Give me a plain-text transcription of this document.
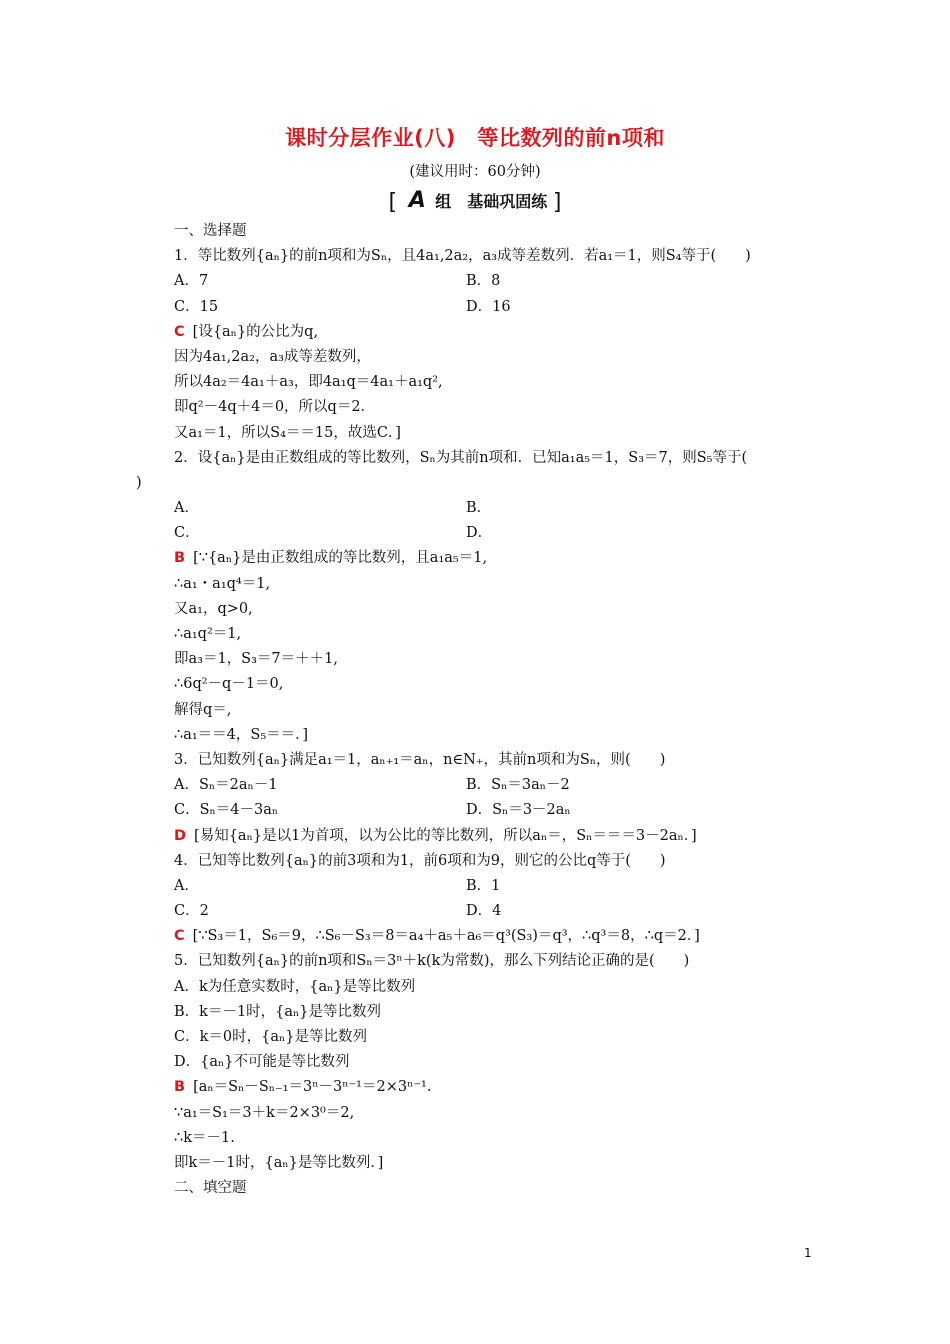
课时分层作业(八)　等比数列的前n项和
(建议用时：60分钟)
[ A 组　基础巩固练 ]
一、选择题
1．等比数列{aₙ}的前n项和为Sₙ，且4a₁,2a₂，a₃成等差数列．若a₁＝1，则S₄等于(　　)
A．7	B．8
C．15	D．16
C [设{aₙ}的公比为q,
因为4a₁,2a₂，a₃成等差数列，
所以4a₂＝4a₁＋a₃，即4a₁q＝4a₁＋a₁q²,
即q²－4q＋4＝0，所以q＝2．
又a₁＝1，所以S₄＝＝15，故选C．]
2．设{aₙ}是由正数组成的等比数列，Sₙ为其前n项和．已知a₁a₅＝1，S₃＝7，则S₅等于(
)
A．	B．
C．	D．
B [∵{aₙ}是由正数组成的等比数列，且a₁a₅＝1,
∴a₁・a₁q⁴＝1,
又a₁，q>0,
∴a₁q²＝1,
即a₃＝1，S₃＝7＝＋＋1,
∴6q²－q－1＝0,
解得q＝,
∴a₁＝＝4，S₅＝＝．]
3．已知数列{aₙ}满足a₁＝1，aₙ₊₁＝aₙ，n∈N₊，其前n项和为Sₙ，则(　　)
A．Sₙ＝2aₙ－1	B．Sₙ＝3aₙ－2
C．Sₙ＝4－3aₙ	D．Sₙ＝3－2aₙ
D [易知{aₙ}是以1为首项，以为公比的等比数列，所以aₙ＝，Sₙ＝＝＝3－2aₙ．]
4．已知等比数列{aₙ}的前3项和为1，前6项和为9，则它的公比q等于(　　)
A．	B．1
C．2	D．4
C [∵S₃＝1，S₆＝9，∴S₆－S₃＝8＝a₄＋a₅＋a₆＝q³(S₃)＝q³，∴q³＝8，∴q＝2．]
5．已知数列{aₙ}的前n项和Sₙ＝3ⁿ＋k(k为常数)，那么下列结论正确的是(　　)
A．k为任意实数时，{aₙ}是等比数列
B．k＝－1时，{aₙ}是等比数列
C．k＝0时，{aₙ}是等比数列
D．{aₙ}不可能是等比数列
B [aₙ＝Sₙ－Sₙ₋₁＝3ⁿ－3ⁿ⁻¹＝2×3ⁿ⁻¹.
∵a₁＝S₁＝3＋k＝2×3⁰＝2,
∴k＝－1.
即k＝－1时，{aₙ}是等比数列．]
二、填空题
1
